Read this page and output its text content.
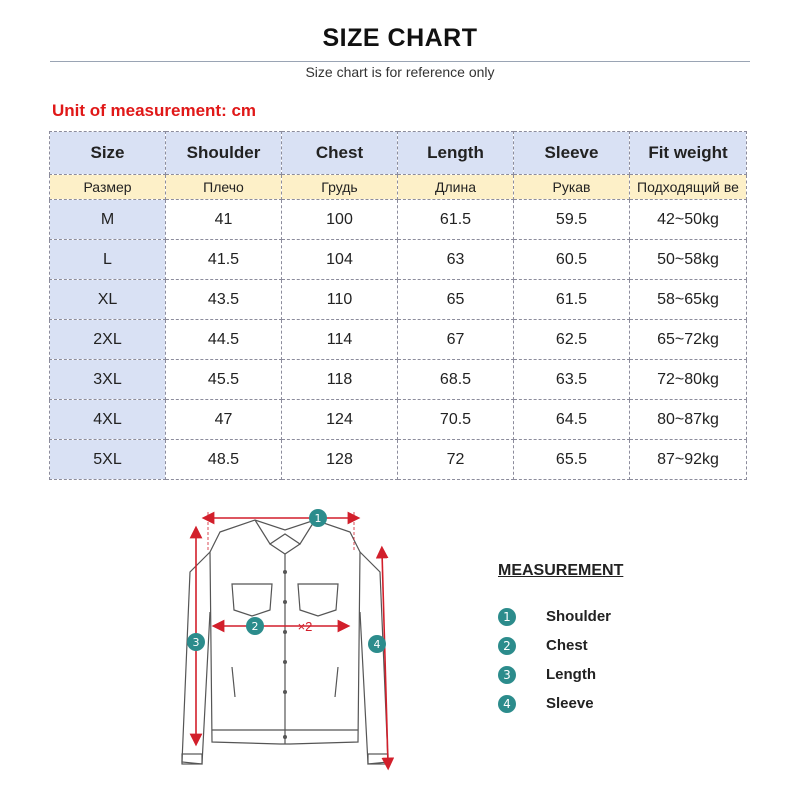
SIZE CHART
Size chart is for reference only
Unit of measurement: cm
Size	Shoulder	Chest	Length	Sleeve	Fit weight
Размер	Плечо	Грудь	Длина	Рукав	Подходящий ве
M	41	100	61.5	59.5	42~50kg
L	41.5	104	63	60.5	50~58kg
XL	43.5	110	65	61.5	58~65kg
2XL	44.5	114	67	62.5	65~72kg
3XL	45.5	118	68.5	63.5	72~80kg
4XL	47	124	70.5	64.5	80~87kg
5XL	48.5	128	72	65.5	87~92kg
1
2	×2
3	4
MEASUREMENT
1	Shoulder
2	Chest
3	Length
4	Sleeve
